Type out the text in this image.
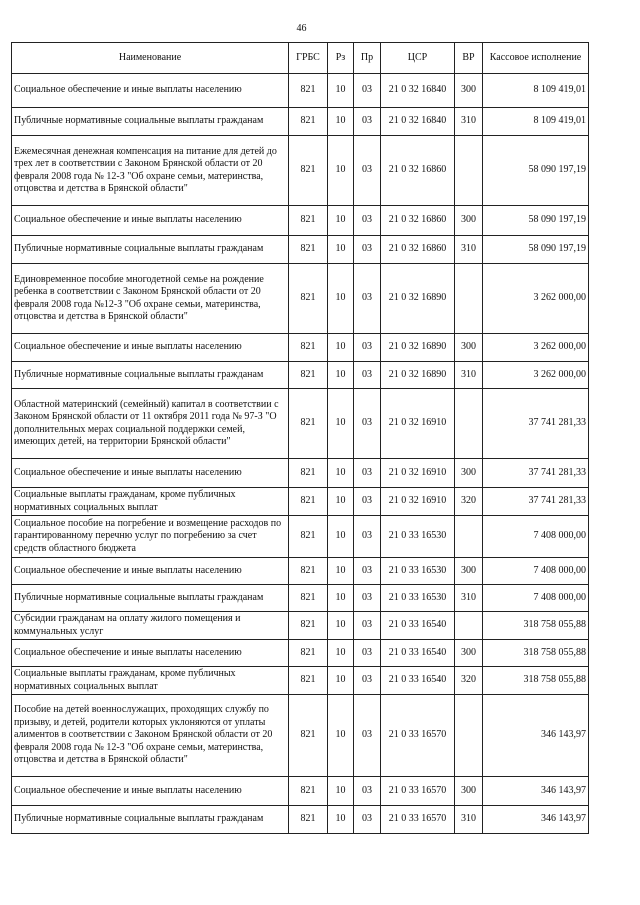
46
Наименование	ГРБС	Рз	Пр	ЦСР	ВР	Кассовое исполнение
Социальное обеспечение и иные выплаты населению	821	10	03	21 0 32 16840	300	8 109 419,01
Публичные нормативные социальные выплаты гражданам	821	10	03	21 0 32 16840	310	8 109 419,01
Ежемесячная денежная компенсация на питание для детей до трех лет в соответствии с Законом Брянской области от 20 февраля 2008 года № 12-З "Об охране семьи, материнства, отцовства и детства в Брянской области"	821	10	03	21 0 32 16860		58 090 197,19
Социальное обеспечение и иные выплаты населению	821	10	03	21 0 32 16860	300	58 090 197,19
Публичные нормативные социальные выплаты гражданам	821	10	03	21 0 32 16860	310	58 090 197,19
Единовременное пособие многодетной семье на рождение ребенка в соответствии с Законом Брянской области от 20 февраля 2008 года №12-З "Об охране семьи, материнства, отцовства и детства в Брянской области"	821	10	03	21 0 32 16890		3 262 000,00
Социальное обеспечение и иные выплаты населению	821	10	03	21 0 32 16890	300	3 262 000,00
Публичные нормативные социальные выплаты гражданам	821	10	03	21 0 32 16890	310	3 262 000,00
Областной материнский (семейный) капитал в соответствии с Законом Брянской области от 11 октября 2011 года № 97-З "О дополнительных мерах социальной поддержки семей, имеющих детей, на территории Брянской области"	821	10	03	21 0 32 16910		37 741 281,33
Социальное обеспечение и иные выплаты населению	821	10	03	21 0 32 16910	300	37 741 281,33
Социальные выплаты гражданам, кроме публичных нормативных социальных выплат	821	10	03	21 0 32 16910	320	37 741 281,33
Социальное пособие на погребение и возмещение расходов по гарантированному перечню услуг по погребению за счет средств областного бюджета	821	10	03	21 0 33 16530		7 408 000,00
Социальное обеспечение и иные выплаты населению	821	10	03	21 0 33 16530	300	7 408 000,00
Публичные нормативные социальные выплаты гражданам	821	10	03	21 0 33 16530	310	7 408 000,00
Субсидии гражданам на оплату жилого помещения и коммунальных услуг	821	10	03	21 0 33 16540		318 758 055,88
Социальное обеспечение и иные выплаты населению	821	10	03	21 0 33 16540	300	318 758 055,88
Социальные выплаты гражданам, кроме публичных нормативных социальных выплат	821	10	03	21 0 33 16540	320	318 758 055,88
Пособие на детей военнослужащих, проходящих службу по призыву, и детей, родители которых уклоняются от уплаты алиментов в соответствии с Законом Брянской области от 20 февраля 2008 года № 12-З "Об охране семьи, материнства, отцовства и детства в Брянской области"	821	10	03	21 0 33 16570		346 143,97
Социальное обеспечение и иные выплаты населению	821	10	03	21 0 33 16570	300	346 143,97
Публичные нормативные социальные выплаты гражданам	821	10	03	21 0 33 16570	310	346 143,97
